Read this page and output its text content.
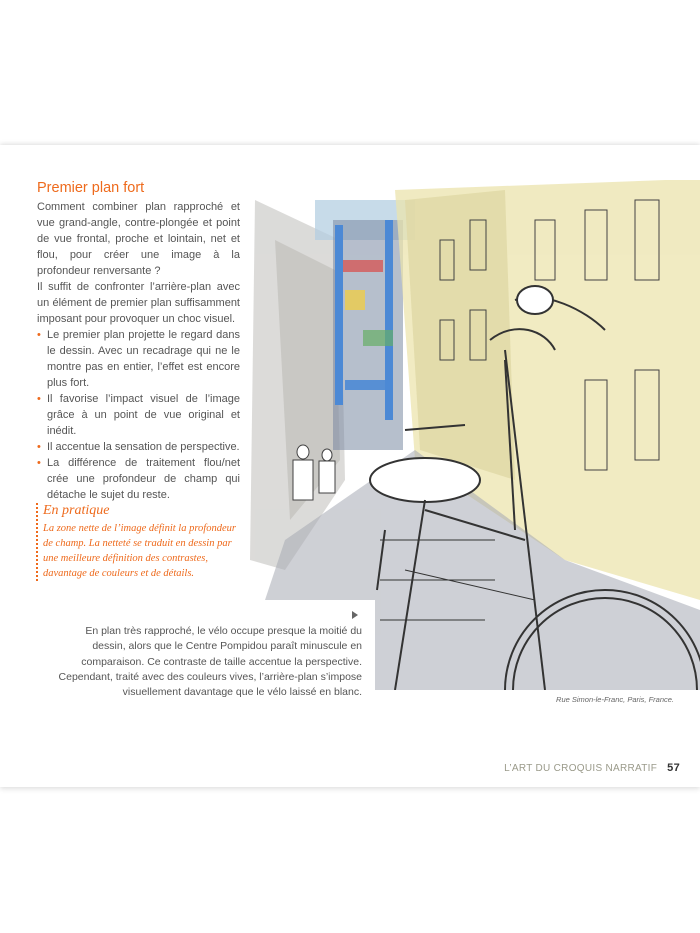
Premier plan fort

Comment combiner plan rapproché et vue grand-angle, contre-plongée et point de vue frontal, proche et lointain, net et flou, pour créer une image à la profondeur renversante ?

Il suffit de confronter l’arrière-plan avec un élément de premier plan suffisamment imposant pour provoquer un choc visuel.

• Le premier plan projette le regard dans le dessin. Avec un recadrage qui ne le montre pas en entier, l’effet est encore plus fort.
• Il favorise l’impact visuel de l’image grâce à un point de vue original et inédit.
• Il accentue la sensation de perspective.
• La différence de traitement flou/net crée une profondeur de champ qui détache le sujet du reste.
En pratique
La zone nette de l’image définit la profondeur de champ. La netteté se traduit en dessin par une meilleure définition des contrastes, davantage de couleurs et de détails.
En plan très rapproché, le vélo occupe presque la moitié du dessin, alors que le Centre Pompidou paraît minuscule en comparaison. Ce contraste de taille accentue la perspective. Cependant, traité avec des couleurs vives, l’arrière-plan s’impose visuellement davantage que le vélo laissé en blanc.
Rue Simon-le-Franc, Paris, France.
L’ART DU CROQUIS NARRATIF 57
